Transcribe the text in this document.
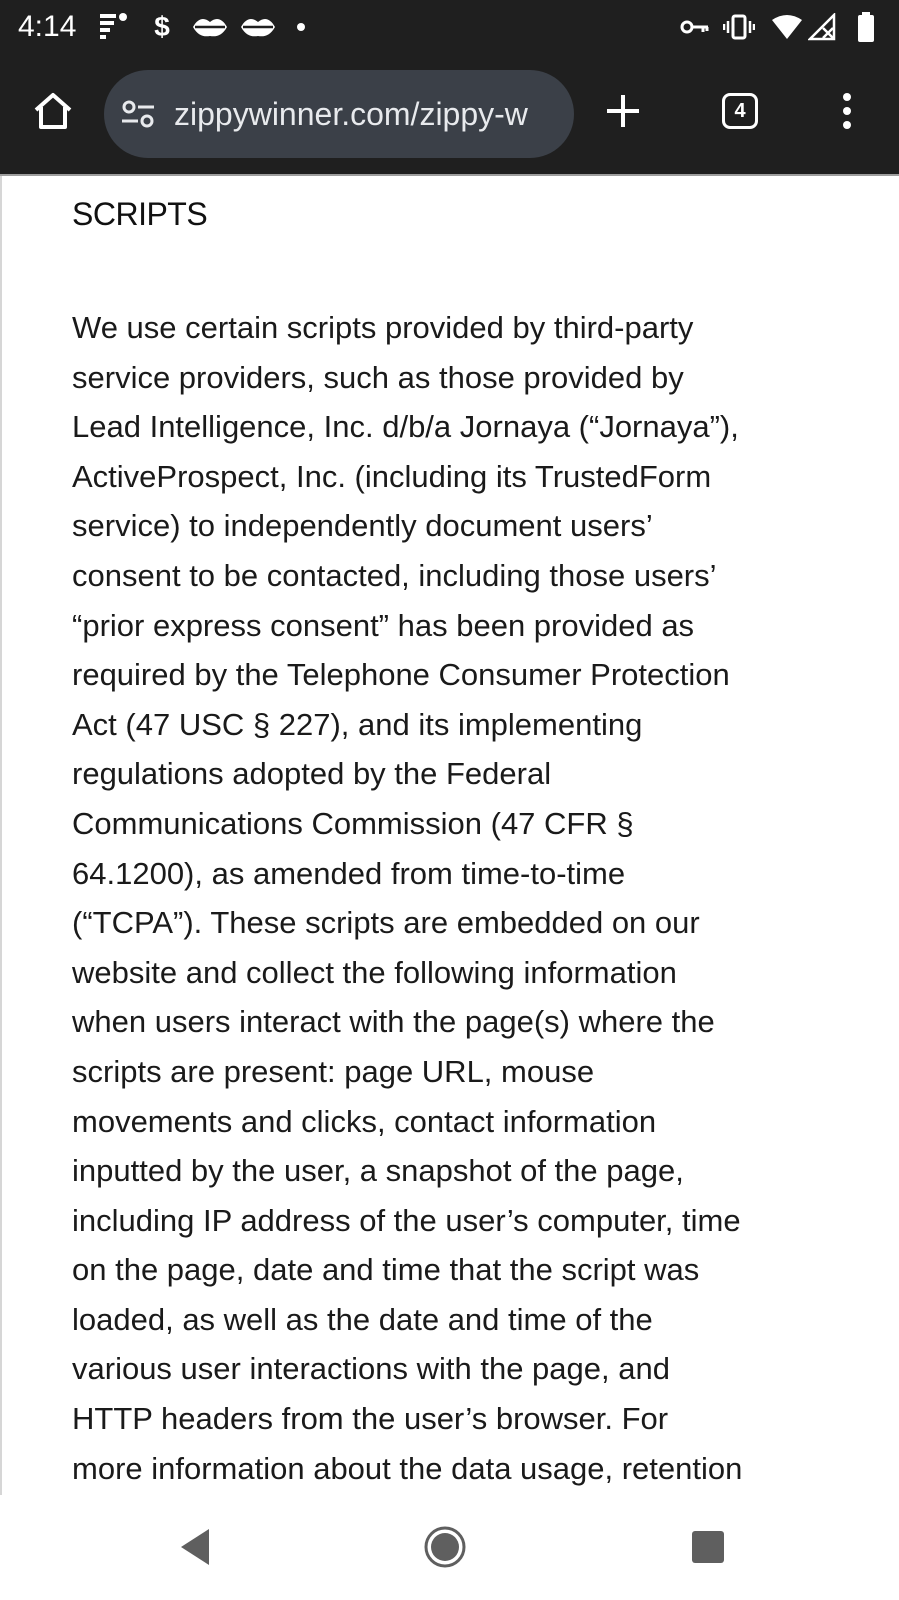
4:14	$
zippywinner.com/zippy-w	4
SCRIPTS
We use certain scripts provided by third-party
service providers, such as those provided by
Lead Intelligence, Inc. d/b/a Jornaya (“Jornaya”),
ActiveProspect, Inc. (including its TrustedForm
service) to independently document users’
consent to be contacted, including those users’
“prior express consent” has been provided as
required by the Telephone Consumer Protection
Act (47 USC § 227), and its implementing
regulations adopted by the Federal
Communications Commission (47 CFR §
64.1200), as amended from time-to-time
(“TCPA”). These scripts are embedded on our
website and collect the following information
when users interact with the page(s) where the
scripts are present: page URL, mouse
movements and clicks, contact information
inputted by the user, a snapshot of the page,
including IP address of the user’s computer, time
on the page, date and time that the script was
loaded, as well as the date and time of the
various user interactions with the page, and
HTTP headers from the user’s browser. For
more information about the data usage, retention
